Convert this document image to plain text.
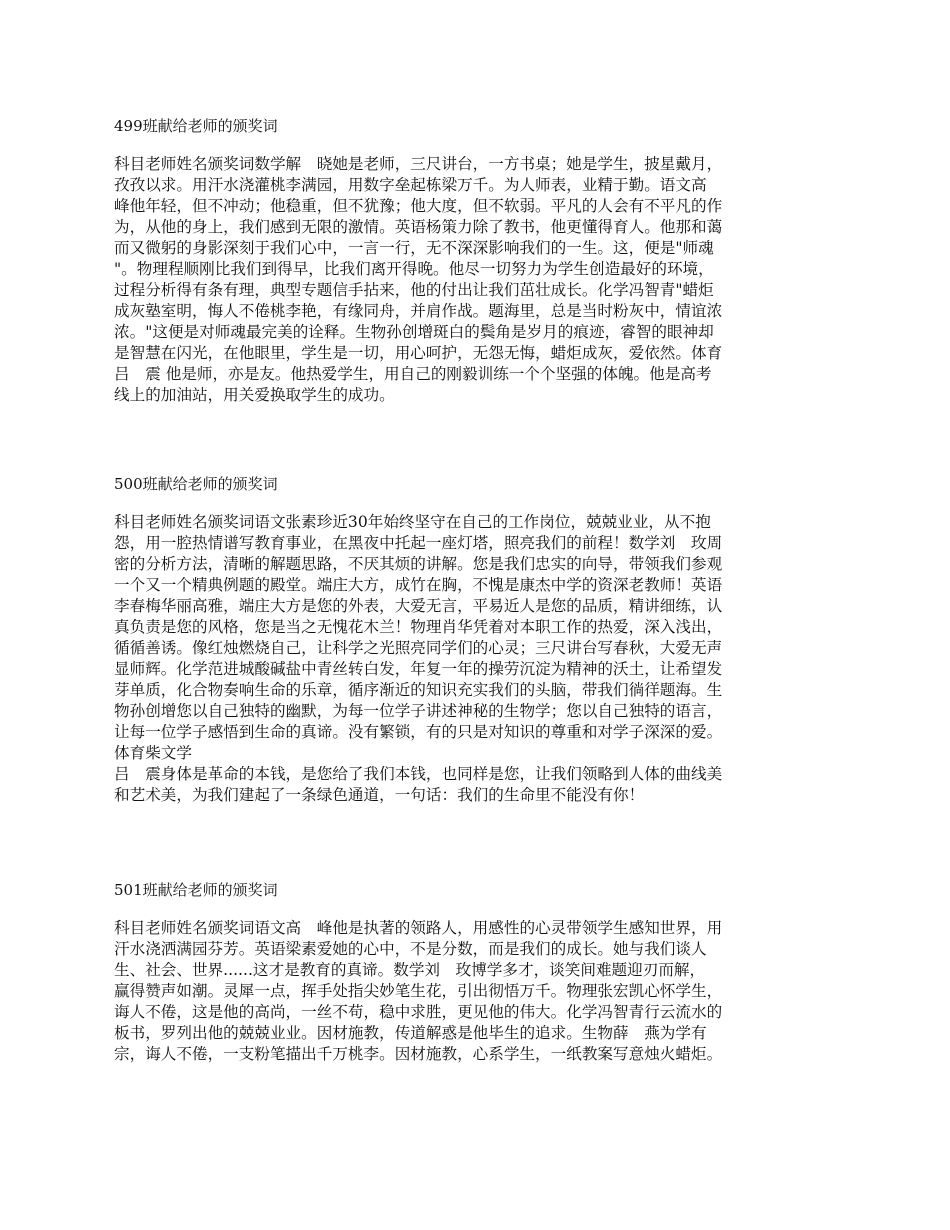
499班献给老师的颁奖词
科目老师姓名颁奖词数学解　晓她是老师，三尺讲台，一方书桌；她是学生，披星戴月，
孜孜以求。用汗水浇灌桃李满园，用数字垒起栋梁万千。为人师表，业精于勤。语文高
峰他年轻，但不冲动；他稳重，但不犹豫；他大度，但不软弱。平凡的人会有不平凡的作
为，从他的身上，我们感到无限的激情。英语杨策力除了教书，他更懂得育人。他那和蔼
而又微躬的身影深刻于我们心中，一言一行，无不深深影响我们的一生。这，便是"师魂
"。物理程顺刚比我们到得早，比我们离开得晚。他尽一切努力为学生创造最好的环境，
过程分析得有条有理，典型专题信手拈来，他的付出让我们茁壮成长。化学冯智青"蜡炬
成灰塾室明，悔人不倦桃李艳，有缘同舟，并肩作战。题海里，总是当时粉灰中，情谊浓
浓。"这便是对师魂最完美的诠释。生物孙创增斑白的鬓角是岁月的痕迹，睿智的眼神却
是智慧在闪光，在他眼里，学生是一切，用心呵护，无怨无悔，蜡炬成灰，爱依然。体育
吕　震 他是师，亦是友。他热爱学生，用自己的刚毅训练一个个坚强的体魄。他是高考
线上的加油站，用关爱换取学生的成功。
500班献给老师的颁奖词
科目老师姓名颁奖词语文张素珍近30年始终坚守在自己的工作岗位，兢兢业业，从不抱
怨，用一腔热情谱写教育事业，在黑夜中托起一座灯塔，照亮我们的前程！数学刘　玫周
密的分析方法，清晰的解题思路，不厌其烦的讲解。您是我们忠实的向导，带领我们参观
一个又一个精典例题的殿堂。端庄大方，成竹在胸，不愧是康杰中学的资深老教师！英语
李春梅华丽高雅，端庄大方是您的外表，大爱无言，平易近人是您的品质，精讲细练，认
真负责是您的风格，您是当之无愧花木兰！物理肖华凭着对本职工作的热爱，深入浅出，
循循善诱。像红烛燃烧自己，让科学之光照亮同学们的心灵；三尺讲台写春秋，大爱无声
显师辉。化学范进城酸碱盐中青丝转白发，年复一年的操劳沉淀为精神的沃土，让希望发
芽单质，化合物奏响生命的乐章，循序渐近的知识充实我们的头脑，带我们徜徉题海。生
物孙创增您以自己独特的幽默，为每一位学子讲述神秘的生物学；您以自己独特的语言，
让每一位学子感悟到生命的真谛。没有繁锁，有的只是对知识的尊重和对学子深深的爱。
体育柴文学
吕　震身体是革命的本钱，是您给了我们本钱，也同样是您，让我们领略到人体的曲线美
和艺术美，为我们建起了一条绿色通道，一句话：我们的生命里不能没有你！
501班献给老师的颁奖词
科目老师姓名颁奖词语文高　峰他是执著的领路人，用感性的心灵带领学生感知世界，用
汗水浇洒满园芬芳。英语梁素爱她的心中，不是分数，而是我们的成长。她与我们谈人
生、社会、世界......这才是教育的真谛。数学刘　玫博学多才，谈笑间难题迎刃而解，
赢得赞声如潮。灵犀一点，挥手处指尖妙笔生花，引出彻悟万千。物理张宏凯心怀学生，
诲人不倦，这是他的高尚，一丝不苟，稳中求胜，更见他的伟大。化学冯智青行云流水的
板书，罗列出他的兢兢业业。因材施教，传道解惑是他毕生的追求。生物薛　燕为学有
宗，诲人不倦，一支粉笔描出千万桃李。因材施教，心系学生，一纸教案写意烛火蜡炬。
